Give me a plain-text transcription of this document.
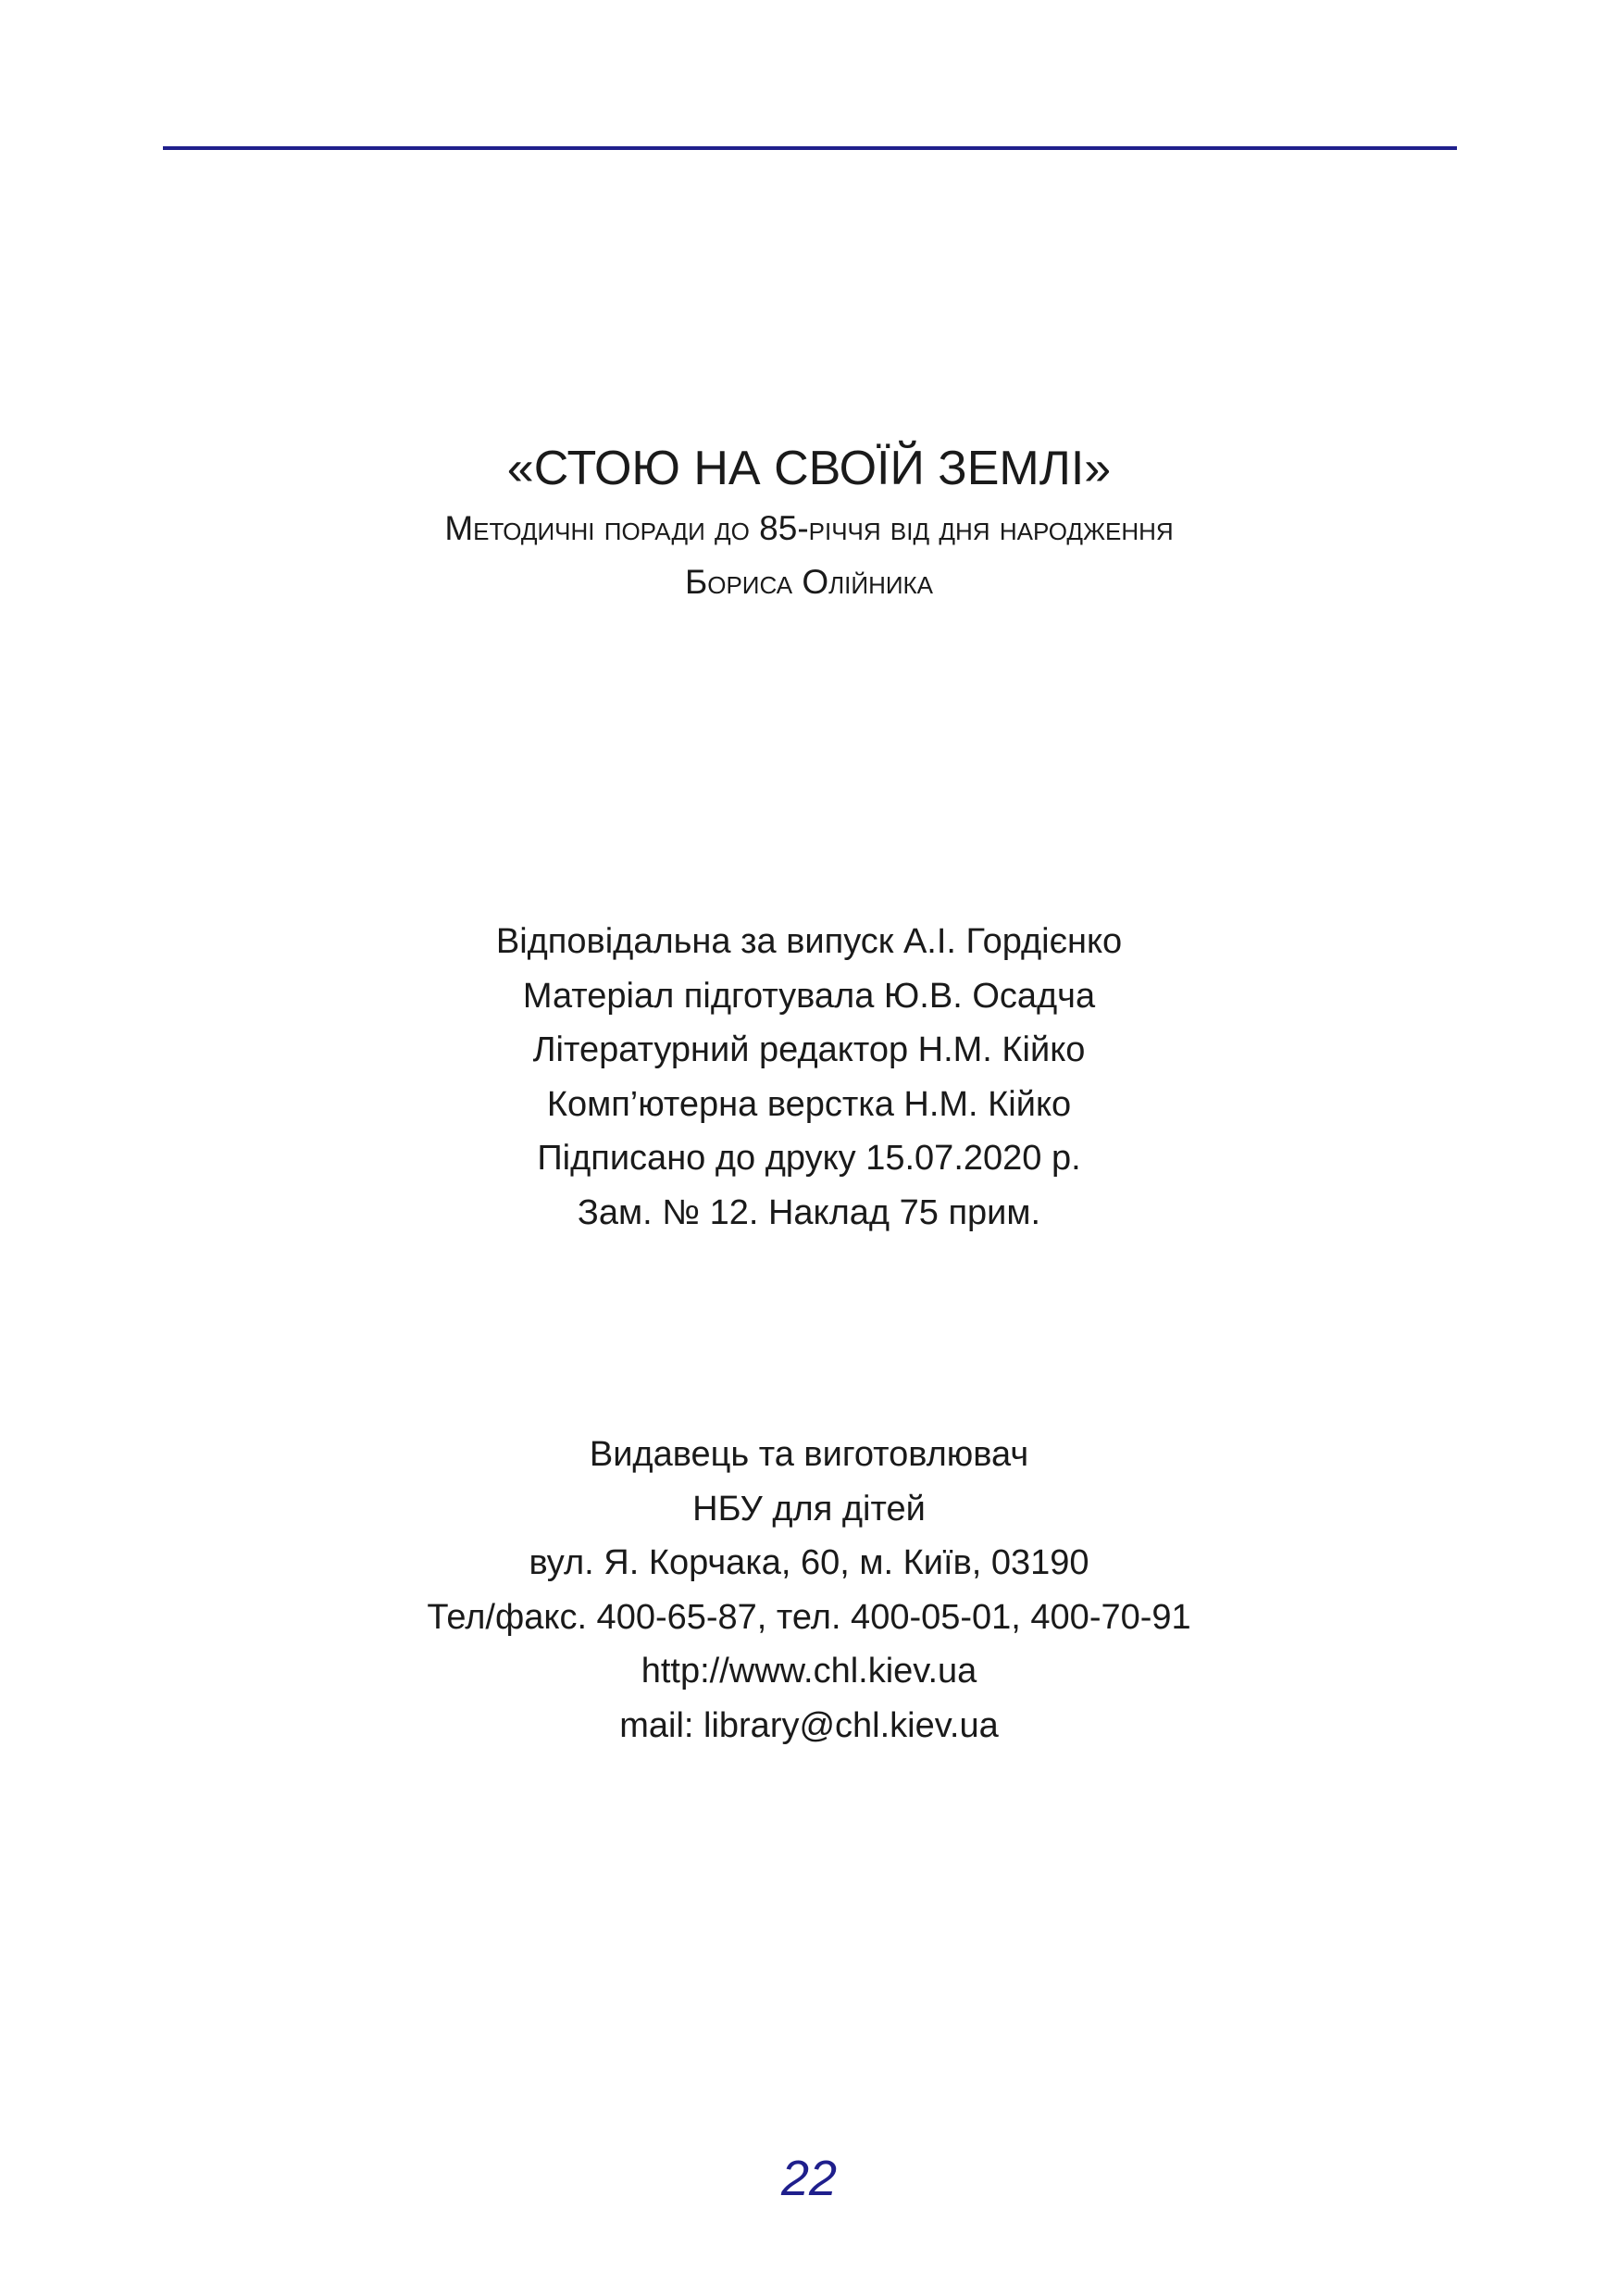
«СТОЮ НА СВОЇЙ ЗЕМЛІ»
Методичні поради до 85-річчя від дня народження
Бориса Олійника
Відповідальна за випуск А.І. Гордієнко
Матеріал підготувала Ю.В. Осадча
Літературний редактор Н.М. Кійко
Комп’ютерна верстка Н.М. Кійко
Підписано до друку 15.07.2020 р.
Зам. № 12. Наклад 75 прим.
Видавець та виготовлювач
НБУ для дітей
вул. Я. Корчака, 60, м. Київ, 03190
Тел/факс. 400-65-87, тел. 400-05-01, 400-70-91
http://www.chl.kiev.ua
mail: library@chl.kiev.ua
22
